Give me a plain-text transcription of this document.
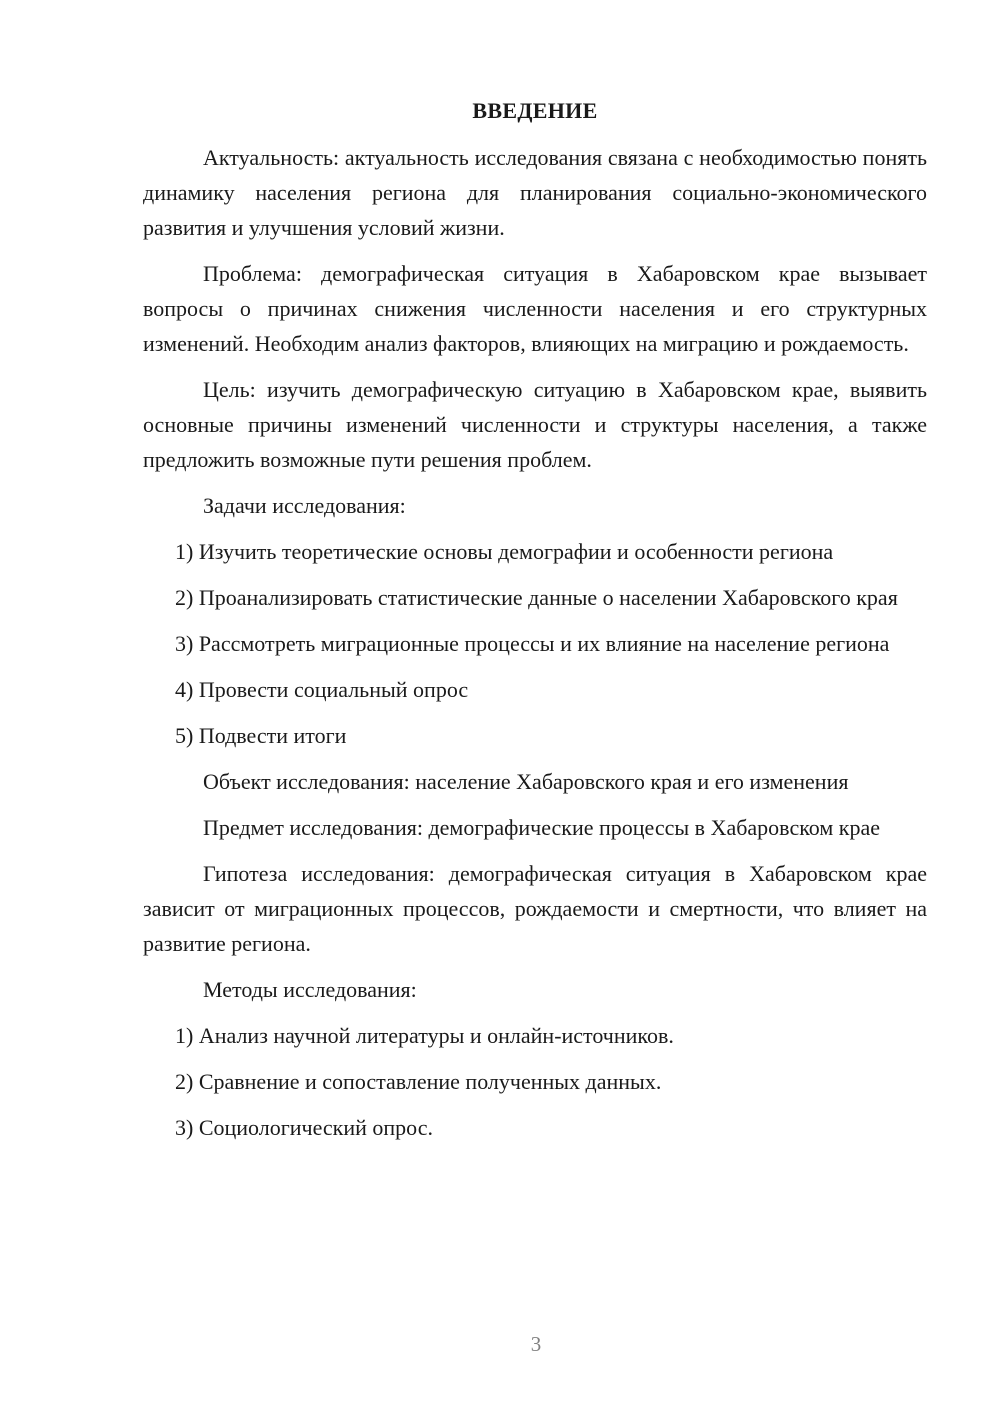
ВВЕДЕНИЕ

Актуальность: актуальность исследования связана с необходимостью понять динамику населения региона для планирования социально-экономического развития и улучшения условий жизни.

Проблема: демографическая ситуация в Хабаровском крае вызывает вопросы о причинах снижения численности населения и его структурных изменений. Необходим анализ факторов, влияющих на миграцию и рождаемость.

Цель: изучить демографическую ситуацию в Хабаровском крае, выявить основные причины изменений численности и структуры населения, а также предложить возможные пути решения проблем.

Задачи исследования:

1) Изучить теоретические основы демографии и особенности региона

2) Проанализировать статистические данные о населении Хабаровского края

3) Рассмотреть миграционные процессы и их влияние на население региона

4) Провести социальный опрос

5) Подвести итоги

Объект исследования: население Хабаровского края и его изменения

Предмет исследования: демографические процессы в Хабаровском крае

Гипотеза исследования: демографическая ситуация в Хабаровском крае зависит от миграционных процессов, рождаемости и смертности, что влияет на развитие региона.

Методы исследования:

1) Анализ научной литературы и онлайн-источников.

2) Сравнение и сопоставление полученных данных.

3) Социологический опрос.

3
